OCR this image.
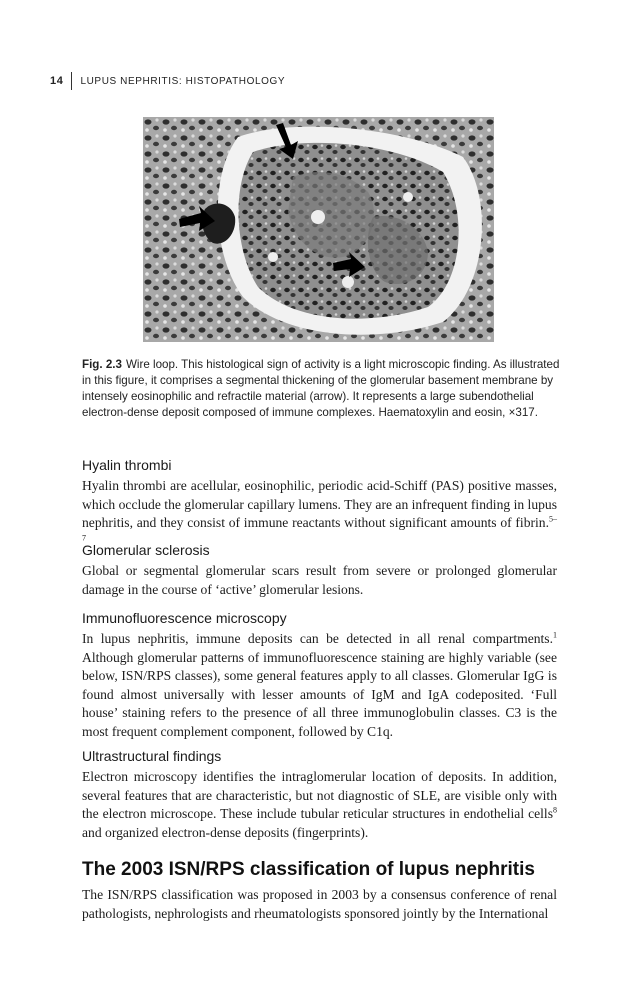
14 LUPUS NEPHRITIS: HISTOPATHOLOGY
Fig. 2.3 Wire loop. This histological sign of activity is a light microscopic finding. As illustrated in this figure, it comprises a segmental thickening of the glomerular basement membrane by intensely eosinophilic and refractile material (arrow). It represents a large subendothelial electron-dense deposit composed of immune complexes. Haematoxylin and eosin, ×317.
Hyalin thrombi
Hyalin thrombi are acellular, eosinophilic, periodic acid-Schiff (PAS) positive masses, which occlude the glomerular capillary lumens. They are an infrequent finding in lupus nephritis, and they consist of immune reactants without significant amounts of fibrin.$^{5-7}$
Glomerular sclerosis
Global or segmental glomerular scars result from severe or prolonged glomerular damage in the course of ‘active’ glomerular lesions.
Immunofluorescence microscopy
In lupus nephritis, immune deposits can be detected in all renal compartments.$^1$ Although glomerular patterns of immunofluorescence staining are highly variable (see below, ISN/RPS classes), some general features apply to all classes. Glomerular IgG is found almost universally with lesser amounts of IgM and IgA codeposited. ‘Full house’ staining refers to the presence of all three immunoglobulin classes. C3 is the most frequent complement component, followed by C1q.
Ultrastructural findings
Electron microscopy identifies the intraglomerular location of deposits. In addition, several features that are characteristic, but not diagnostic of SLE, are visible only with the electron microscope. These include tubular reticular structures in endothelial cells$^8$ and organized electron-dense deposits (fingerprints).
The 2003 ISN/RPS classification of lupus nephritis
The ISN/RPS classification was proposed in 2003 by a consensus conference of renal pathologists, nephrologists and rheumatologists sponsored jointly by the International
